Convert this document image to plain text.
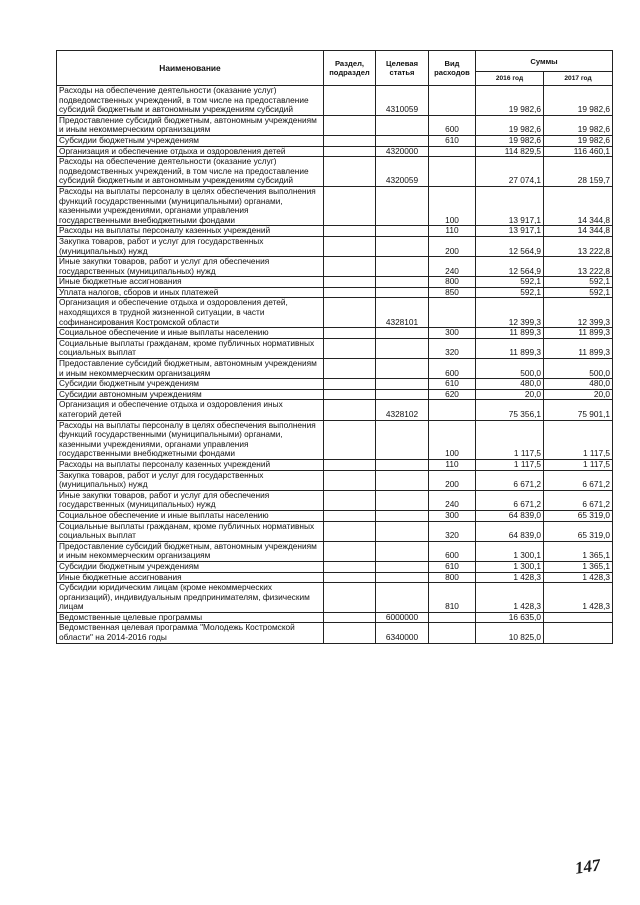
Наименование	Раздел, подраздел	Целевая статья	Вид расходов	Суммы	
				2016 год	2017 год
Расходы на обеспечение деятельности (оказание услуг) подведомственных учреждений, в том числе на предоставление субсидий бюджетным и автономным учреждениям субсидий		4310059		19 982,6	19 982,6
Предоставление субсидий бюджетным, автономным учреждениям и иным некоммерческим организациям			600	19 982,6	19 982,6
Субсидии бюджетным учреждениям			610	19 982,6	19 982,6
Организация и обеспечение отдыха и оздоровления детей		4320000		114 829,5	116 460,1
Расходы на обеспечение деятельности (оказание услуг) подведомственных учреждений, в том числе на предоставление субсидий бюджетным и автономным учреждениям субсидий		4320059		27 074,1	28 159,7
Расходы на выплаты персоналу в целях обеспечения выполнения функций государственными (муниципальными) органами, казенными учреждениями, органами управления государственными внебюджетными фондами			100	13 917,1	14 344,8
Расходы на выплаты персоналу казенных учреждений			110	13 917,1	14 344,8
Закупка товаров, работ и услуг для государственных (муниципальных) нужд			200	12 564,9	13 222,8
Иные закупки товаров, работ и услуг для обеспечения государственных (муниципальных) нужд			240	12 564,9	13 222,8
Иные бюджетные ассигнования			800	592,1	592,1
Уплата налогов, сборов и иных платежей			850	592,1	592,1
Организация и обеспечение отдыха и оздоровления детей, находящихся в трудной жизненной ситуации, в части софинансирования Костромской области		4328101		12 399,3	12 399,3
Социальное обеспечение и иные выплаты населению			300	11 899,3	11 899,3
Социальные выплаты гражданам, кроме публичных нормативных социальных выплат			320	11 899,3	11 899,3
Предоставление субсидий бюджетным, автономным учреждениям и иным некоммерческим организациям			600	500,0	500,0
Субсидии бюджетным учреждениям			610	480,0	480,0
Субсидии автономным учреждениям			620	20,0	20,0
Организация и обеспечение отдыха и оздоровления иных категорий детей		4328102		75 356,1	75 901,1
Расходы на выплаты персоналу в целях обеспечения выполнения функций государственными (муниципальными) органами, казенными учреждениями, органами управления государственными внебюджетными фондами			100	1 117,5	1 117,5
Расходы на выплаты персоналу казенных учреждений			110	1 117,5	1 117,5
Закупка товаров, работ и услуг для государственных (муниципальных) нужд			200	6 671,2	6 671,2
Иные закупки товаров, работ и услуг для обеспечения государственных (муниципальных) нужд			240	6 671,2	6 671,2
Социальное обеспечение и иные выплаты населению			300	64 839,0	65 319,0
Социальные выплаты гражданам, кроме публичных нормативных социальных выплат			320	64 839,0	65 319,0
Предоставление субсидий бюджетным, автономным учреждениям и иным некоммерческим организациям			600	1 300,1	1 365,1
Субсидии бюджетным учреждениям			610	1 300,1	1 365,1
Иные бюджетные ассигнования			800	1 428,3	1 428,3
Субсидии юридическим лицам (кроме некоммерческих организаций), индивидуальным предпринимателям, физическим лицам			810	1 428,3	1 428,3
Ведомственные целевые программы		6000000		16 635,0	
Ведомственная целевая программа "Молодежь Костромской области" на 2014-2016 годы		6340000		10 825,0	
147
